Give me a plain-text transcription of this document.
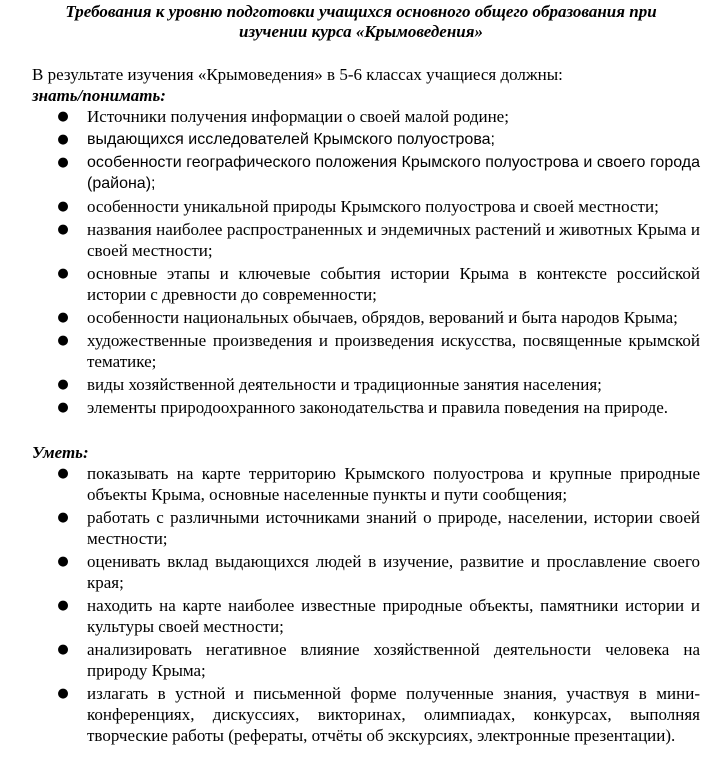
Требования к уровню подготовки учащихся основного общего образования при
изучении курса «Крымоведения»
В результате изучения «Крымоведения» в 5-6 классах учащиеся должны:
знать/понимать:
● Источники получения информации о своей малой родине;
● выдающихся исследователей Крымского полуострова;
● особенности географического положения Крымского полуострова и своего города (района);
● особенности уникальной природы Крымского полуострова и своей местности;
● названия наиболее распространенных и эндемичных растений и животных Крыма и своей местности;
● основные этапы и ключевые события истории Крыма в контексте российской истории с древности до современности;
● особенности национальных обычаев, обрядов, верований и быта народов Крыма;
● художественные произведения и произведения искусства, посвященные крымской тематике;
● виды хозяйственной деятельности и традиционные занятия населения;
● элементы природоохранного законодательства и правила поведения на природе.
Уметь:
● показывать на карте территорию Крымского полуострова и крупные природные объекты Крыма, основные населенные пункты и пути сообщения;
● работать с различными источниками знаний о природе, населении, истории своей местности;
● оценивать вклад выдающихся людей в изучение, развитие и прославление своего края;
● находить на карте наиболее известные природные объекты, памятники истории и культуры своей местности;
● анализировать негативное влияние хозяйственной деятельности человека на природу Крыма;
● излагать в устной и письменной форме полученные знания, участвуя в мини-конференциях, дискуссиях, викторинах, олимпиадах, конкурсах, выполняя творческие работы (рефераты, отчёты об экскурсиях, электронные презентации).
